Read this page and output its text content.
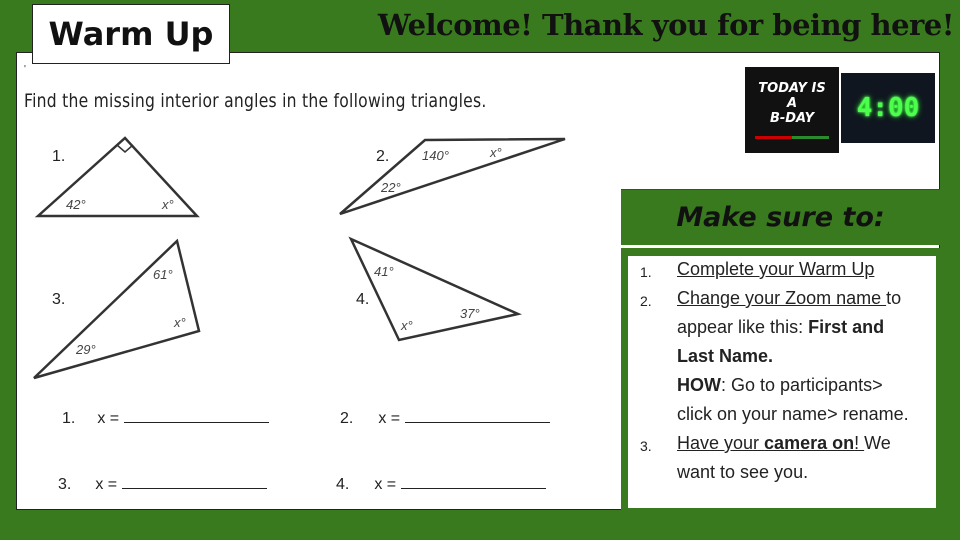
Warm Up	Welcome! Thank you for being here!
'
Find the missing interior angles in the following triangles.
1.	2.
3.	4.
42°	x°
140°	x°
22°
61°
x°
29°
41°
x°
37°
1. x =	2. x =
3. x =	4. x =
TODAY IS
A
B-DAY	4:00
Make sure to:
1. Complete your Warm Up
2. Change your Zoom name to
appear like this: First and
Last Name.
HOW: Go to participants>
click on your name> rename.
3. Have your camera on! We
want to see you.
